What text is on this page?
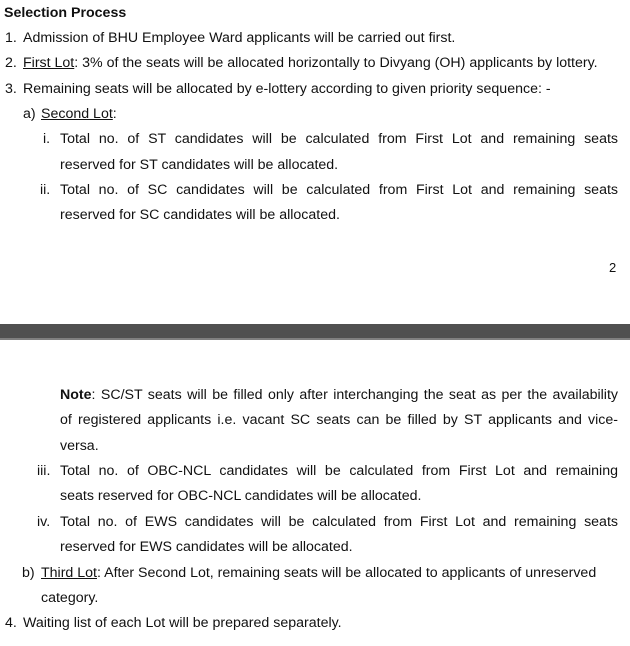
Selection Process
1. Admission of BHU Employee Ward applicants will be carried out first.
2. First Lot: 3% of the seats will be allocated horizontally to Divyang (OH) applicants by lottery.
3. Remaining seats will be allocated by e-lottery according to given priority sequence: -
a) Second Lot:
i. Total no. of ST candidates will be calculated from First Lot and remaining seats
reserved for ST candidates will be allocated.
ii. Total no. of SC candidates will be calculated from First Lot and remaining seats
reserved for SC candidates will be allocated.
2
Note: SC/ST seats will be filled only after interchanging the seat as per the availability
of registered applicants i.e. vacant SC seats can be filled by ST applicants and vice-
versa.
iii. Total no. of OBC-NCL candidates will be calculated from First Lot and remaining
seats reserved for OBC-NCL candidates will be allocated.
iv. Total no. of EWS candidates will be calculated from First Lot and remaining seats
reserved for EWS candidates will be allocated.
b) Third Lot: After Second Lot, remaining seats will be allocated to applicants of unreserved
category.
4. Waiting list of each Lot will be prepared separately.
